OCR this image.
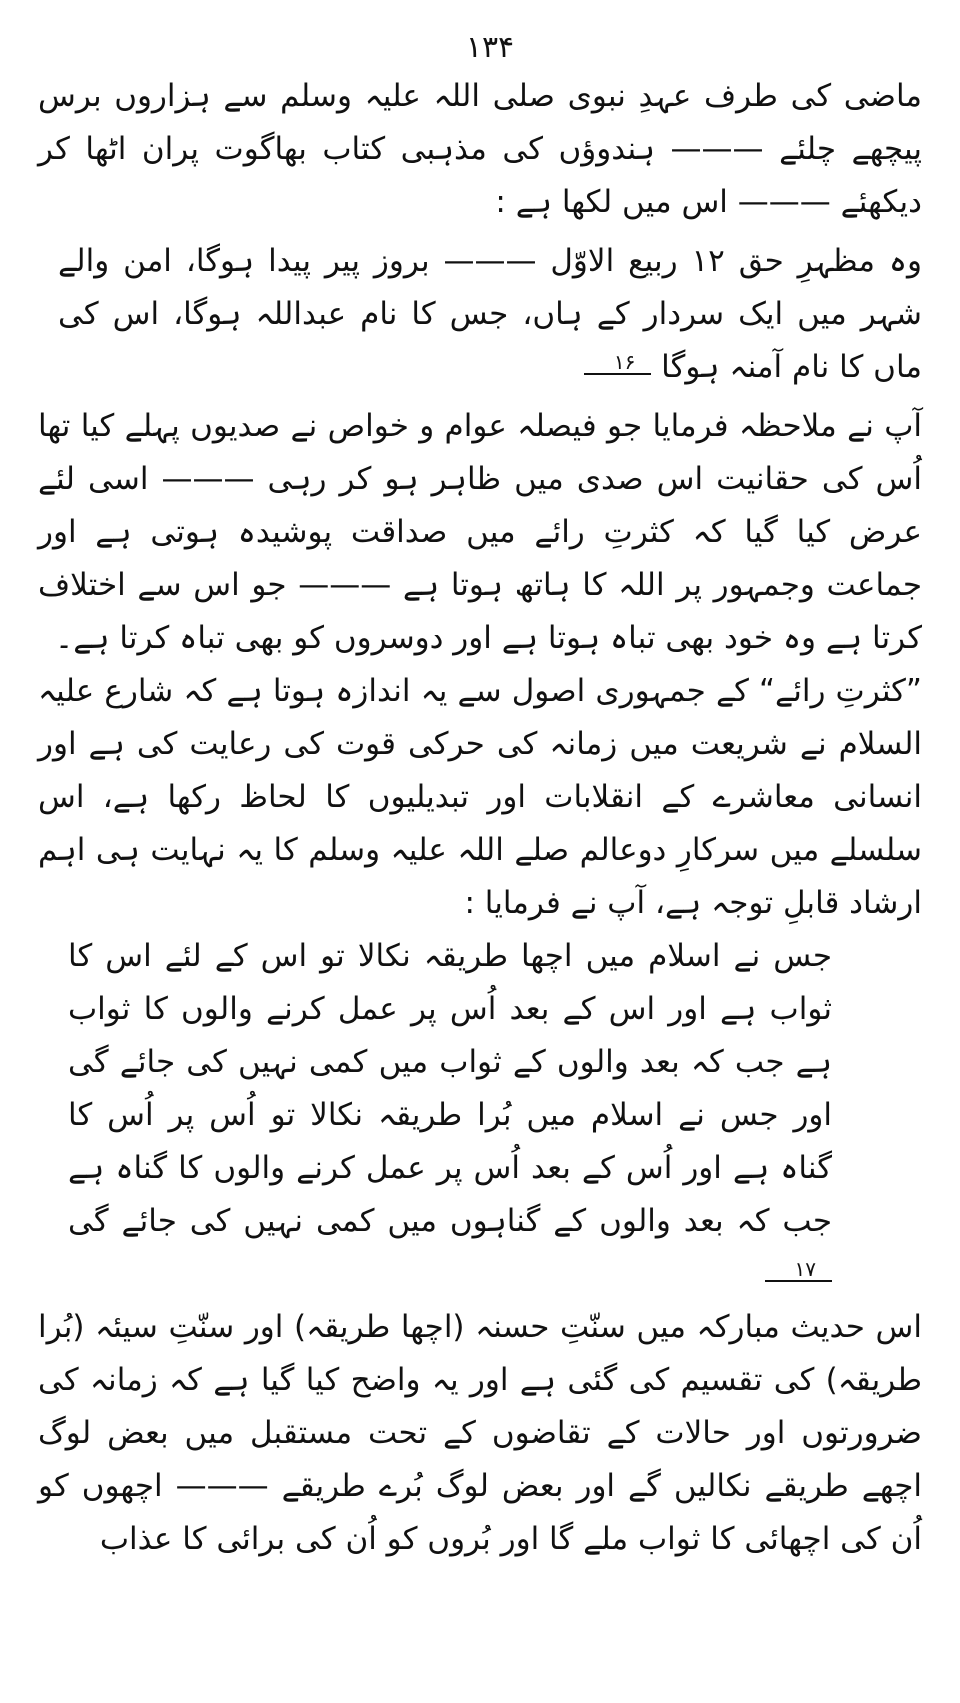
۱۳۴

ماضی کی طرف عہدِ نبوی صلی اللہ علیہ وسلم سے ہزاروں برس پیچھے چلئے ——— ہندوؤں کی مذہبی کتاب بھاگوت پران اٹھا کر دیکھئے ——— اس میں لکھا ہے :

وہ مظہرِ حق ۱۲ ربیع الاوّل ——— بروز پیر پیدا ہوگا، امن والے شہر میں ایک سردار کے ہاں، جس کا نام عبداللہ ہوگا، اس کی ماں کا نام آمنہ ہوگا ۱۶

آپ نے ملاحظہ فرمایا جو فیصلہ عوام و خواص نے صدیوں پہلے کیا تھا اُس کی حقانیت اس صدی میں ظاہر ہو کر رہی ——— اسی لئے عرض کیا گیا کہ کثرتِ رائے میں صداقت پوشیدہ ہوتی ہے اور جماعت وجمہور پر اللہ کا ہاتھ ہوتا ہے ——— جو اس سے اختلاف کرتا ہے وہ خود بھی تباہ ہوتا ہے اور دوسروں کو بھی تباہ کرتا ہے۔

”کثرتِ رائے“ کے جمہوری اصول سے یہ اندازہ ہوتا ہے کہ شارع علیہ السلام نے شریعت میں زمانہ کی حرکی قوت کی رعایت کی ہے اور انسانی معاشرے کے انقلابات اور تبدیلیوں کا لحاظ رکھا ہے، اس سلسلے میں سرکارِ دوعالم صلے اللہ علیہ وسلم کا یہ نہایت ہی اہم ارشاد قابلِ توجہ ہے، آپ نے فرمایا :

جس نے اسلام میں اچھا طریقہ نکالا تو اس کے لئے اس کا ثواب ہے اور اس کے بعد اُس پر عمل کرنے والوں کا ثواب ہے جب کہ بعد والوں کے ثواب میں کمی نہیں کی جائے گی اور جس نے اسلام میں بُرا طریقہ نکالا تو اُس پر اُس کا گناہ ہے اور اُس کے بعد اُس پر عمل کرنے والوں کا گناہ ہے جب کہ بعد والوں کے گناہوں میں کمی نہیں کی جائے گی ۱۷

اس حدیث مبارکہ میں سنّتِ حسنہ (اچھا طریقہ) اور سنّتِ سیئہ (بُرا طریقہ) کی تقسیم کی گئی ہے اور یہ واضح کیا گیا ہے کہ زمانہ کی ضرورتوں اور حالات کے تقاضوں کے تحت مستقبل میں بعض لوگ اچھے طریقے نکالیں گے اور بعض لوگ بُرے طریقے ——— اچھوں کو اُن کی اچھائی کا ثواب ملے گا اور بُروں کو اُن کی برائی کا عذاب
